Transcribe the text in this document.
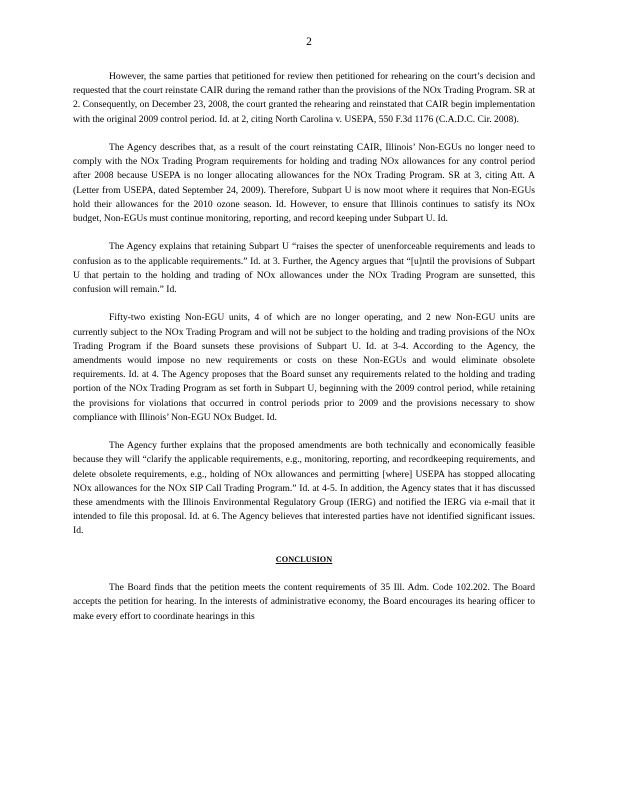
2

However, the same parties that petitioned for review then petitioned for rehearing on the court’s decision and requested that the court reinstate CAIR during the remand rather than the provisions of the NOx Trading Program. SR at 2. Consequently, on December 23, 2008, the court granted the rehearing and reinstated that CAIR begin implementation with the original 2009 control period. Id. at 2, citing North Carolina v. USEPA, 550 F.3d 1176 (C.A.D.C. Cir. 2008).

The Agency describes that, as a result of the court reinstating CAIR, Illinois’ Non-EGUs no longer need to comply with the NOx Trading Program requirements for holding and trading NOx allowances for any control period after 2008 because USEPA is no longer allocating allowances for the NOx Trading Program. SR at 3, citing Att. A (Letter from USEPA, dated September 24, 2009). Therefore, Subpart U is now moot where it requires that Non-EGUs hold their allowances for the 2010 ozone season. Id. However, to ensure that Illinois continues to satisfy its NOx budget, Non-EGUs must continue monitoring, reporting, and record keeping under Subpart U. Id.

The Agency explains that retaining Subpart U “raises the specter of unenforceable requirements and leads to confusion as to the applicable requirements.” Id. at 3. Further, the Agency argues that “[u]ntil the provisions of Subpart U that pertain to the holding and trading of NOx allowances under the NOx Trading Program are sunsetted, this confusion will remain.” Id.

Fifty-two existing Non-EGU units, 4 of which are no longer operating, and 2 new Non-EGU units are currently subject to the NOx Trading Program and will not be subject to the holding and trading provisions of the NOx Trading Program if the Board sunsets these provisions of Subpart U. Id. at 3-4. According to the Agency, the amendments would impose no new requirements or costs on these Non-EGUs and would eliminate obsolete requirements. Id. at 4. The Agency proposes that the Board sunset any requirements related to the holding and trading portion of the NOx Trading Program as set forth in Subpart U, beginning with the 2009 control period, while retaining the provisions for violations that occurred in control periods prior to 2009 and the provisions necessary to show compliance with Illinois’ Non-EGU NOx Budget. Id.

The Agency further explains that the proposed amendments are both technically and economically feasible because they will “clarify the applicable requirements, e.g., monitoring, reporting, and recordkeeping requirements, and delete obsolete requirements, e.g., holding of NOx allowances and permitting [where] USEPA has stopped allocating NOx allowances for the NOx SIP Call Trading Program.” Id. at 4-5. In addition, the Agency states that it has discussed these amendments with the Illinois Environmental Regulatory Group (IERG) and notified the IERG via e-mail that it intended to file this proposal. Id. at 6. The Agency believes that interested parties have not identified significant issues. Id.

CONCLUSION

The Board finds that the petition meets the content requirements of 35 Ill. Adm. Code 102.202. The Board accepts the petition for hearing. In the interests of administrative economy, the Board encourages its hearing officer to make every effort to coordinate hearings in this
